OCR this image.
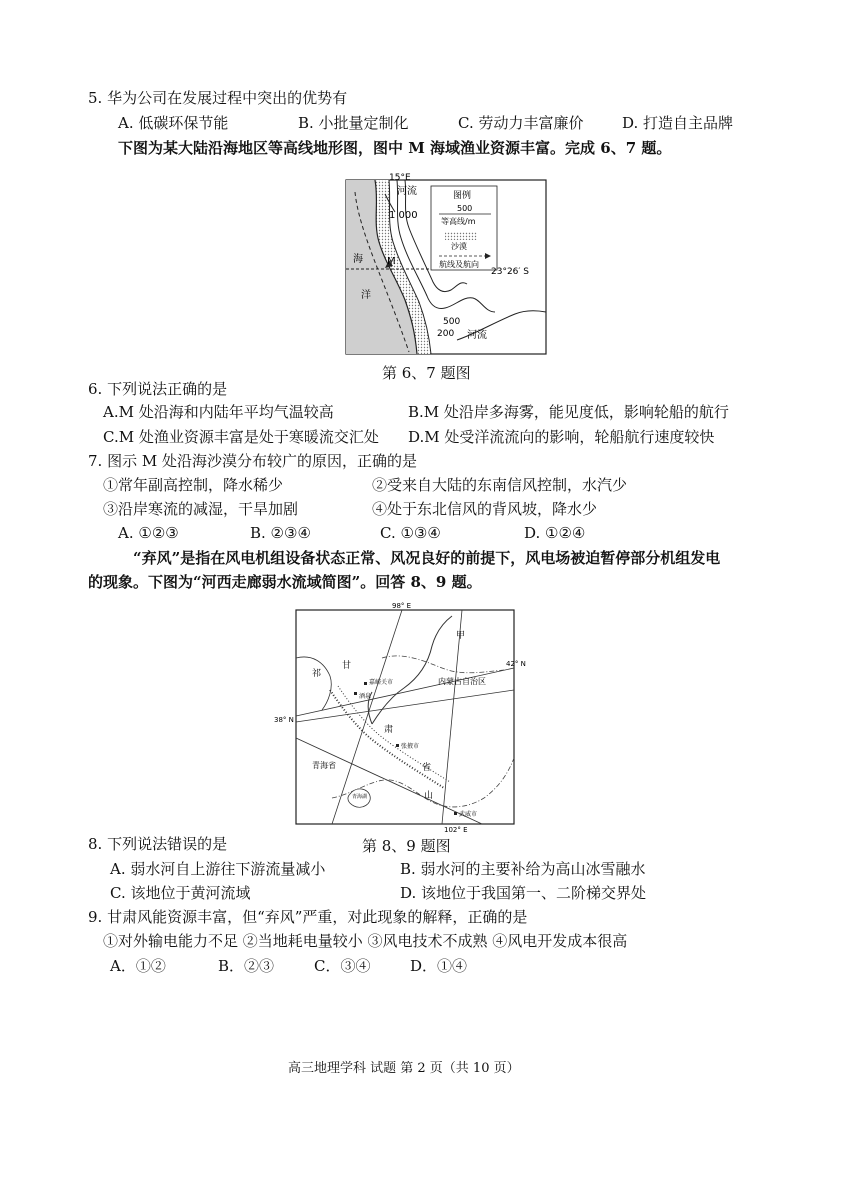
5. 华为公司在发展过程中突出的优势有
A. 低碳环保节能	B. 小批量定制化	C. 劳动力丰富廉价	D. 打造自主品牌
下图为某大陆沿海地区等高线地形图，图中 M 海域渔业资源丰富。完成 6、7 题。
15°E
23°26′ S
河流
1 000
M
海
洋
500
200 河流
图例
500
等高线/m
沙漠
航线及航向
第 6、7 题图
6. 下列说法正确的是
A.M 处沿海和内陆年平均气温较高	B.M 处沿岸多海雾，能见度低，影响轮船的航行
C.M 处渔业资源丰富是处于寒暖流交汇处 D.M 处受洋流流向的影响，轮船航行速度较快
7. 图示 M 处沿海沙漠分布较广的原因，正确的是
①常年副高控制，降水稀少	②受来自大陆的东南信风控制，水汽少
③沿岸寒流的减湿，干旱加剧	④处于东北信风的背风坡，降水少
A. ①②③	B. ②③④	C. ①③④	D. ①②④
“弃风”是指在风电机组设备状态正常、风况良好的前提下，风电场被迫暂停部分机组发电
的现象。下图为“河西走廊弱水流域简图”。回答 8、9 题。
98° E
102° E
42° N
38° N
祁
甘
肃
省
甲
内蒙古自治区
青海省
青海湖	山
嘉峪关市
酒泉
张掖市
武威市
第 8、9 题图
8. 下列说法错误的是
A. 弱水河自上游往下游流量减小	B. 弱水河的主要补给为高山冰雪融水
C. 该地位于黄河流域	D. 该地位于我国第一、二阶梯交界处
9. 甘肃风能资源丰富，但“弃风”严重，对此现象的解释，正确的是
①对外输电能力不足 ②当地耗电量较小 ③风电技术不成熟 ④风电开发成本很高
A．①②	B．②③	C．③④	D．①④
高三地理学科 试题 第 2 页（共 10 页）
